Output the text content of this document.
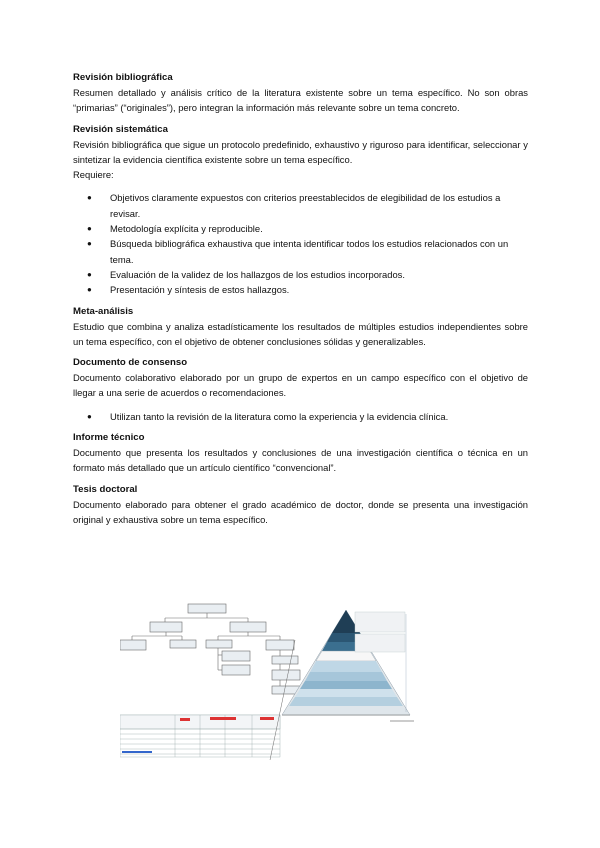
Revisión bibliográfica

Resumen detallado y análisis crítico de la literatura existente sobre un tema específico. No son obras “primarias” (“originales”), pero integran la información más relevante sobre un tema concreto.

Revisión sistemática

Revisión bibliográfica que sigue un protocolo predefinido, exhaustivo y riguroso para identificar, seleccionar y sintetizar la evidencia científica existente sobre un tema específico.

Requiere:

● Objetivos claramente expuestos con criterios preestablecidos de elegibilidad de los estudios a revisar.
● Metodología explícita y reproducible.
● Búsqueda bibliográfica exhaustiva que intenta identificar todos los estudios relacionados con un tema.
● Evaluación de la validez de los hallazgos de los estudios incorporados.
● Presentación y síntesis de estos hallazgos.
Meta-análisis

Estudio que combina y analiza estadísticamente los resultados de múltiples estudios independientes sobre un tema específico, con el objetivo de obtener conclusiones sólidas y generalizables.

Documento de consenso

Documento colaborativo elaborado por un grupo de expertos en un campo específico con el objetivo de llegar a una serie de acuerdos o recomendaciones.

● Utilizan tanto la revisión de la literatura como la experiencia y la evidencia clínica.
Informe técnico

Documento que presenta los resultados y conclusiones de una investigación científica o técnica en un formato más detallado que un artículo científico “convencional”.

Tesis doctoral

Documento elaborado para obtener el grado académico de doctor, donde se presenta una investigación original y exhaustiva sobre un tema específico.
